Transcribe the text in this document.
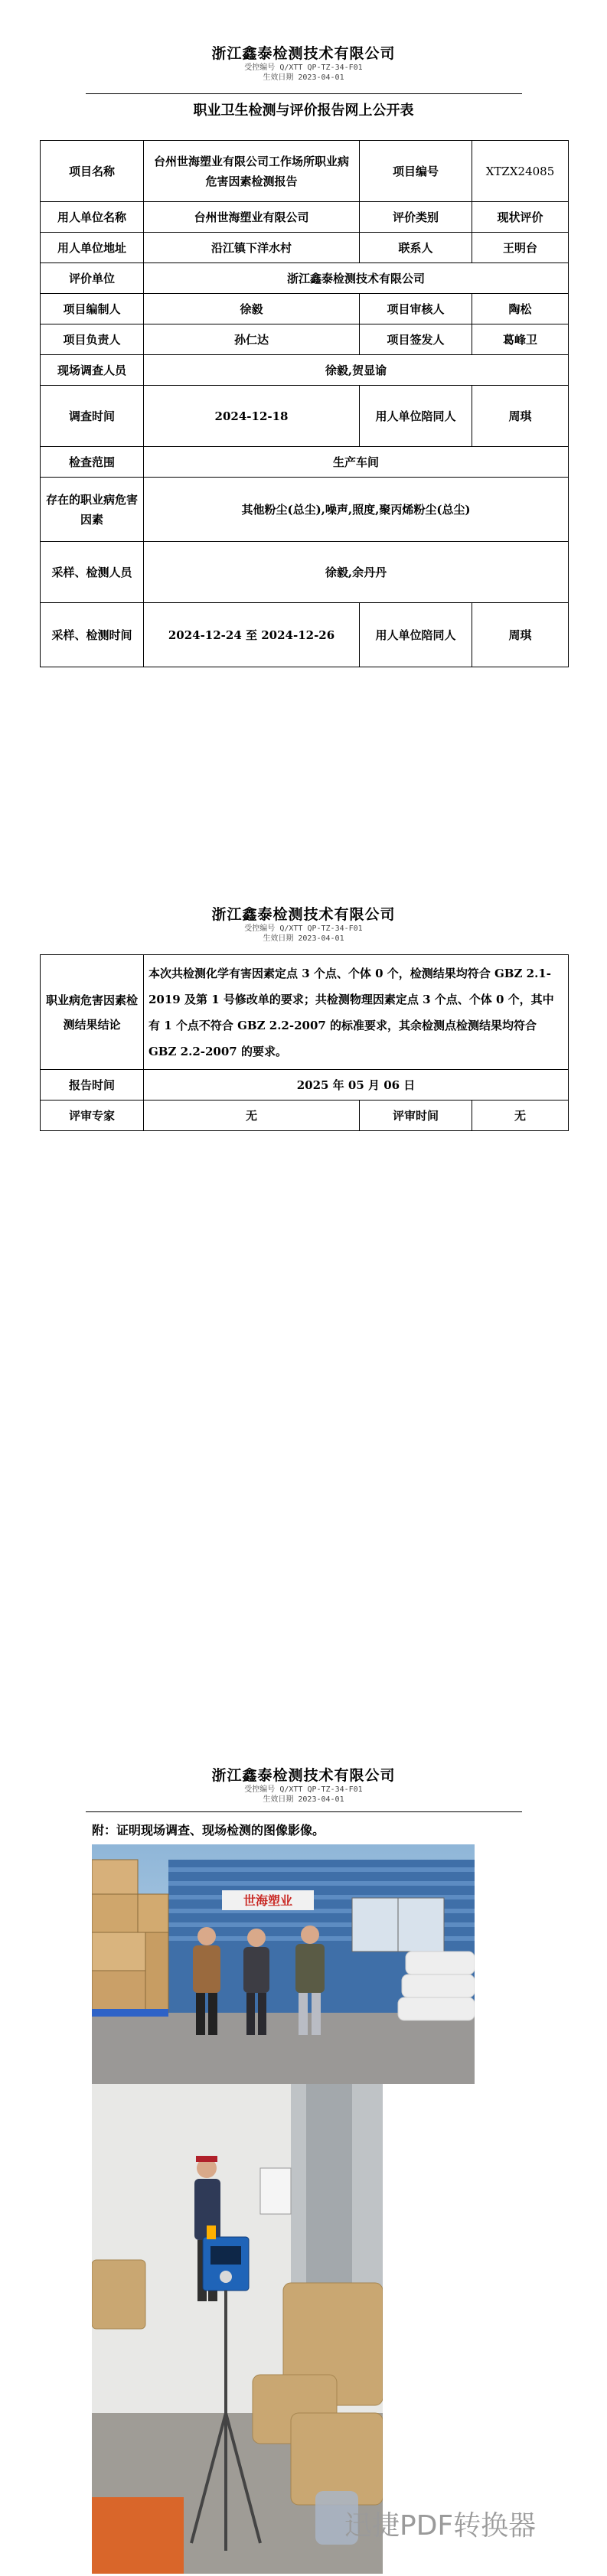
浙江鑫泰检测技术有限公司
受控编号 Q/XTT QP-TZ-34-F01
生效日期 2023-04-01
职业卫生检测与评价报告网上公开表
项目名称	台州世海塑业有限公司工作场所职业病危害因素检测报告	项目编号	XTZX24085
用人单位名称	台州世海塑业有限公司	评价类别	现状评价
用人单位地址	沿江镇下洋水村	联系人	王明台
评价单位	浙江鑫泰检测技术有限公司		
项目编制人	徐毅	项目审核人	陶松
项目负责人	孙仁达	项目签发人	葛峰卫
现场调查人员	徐毅,贺显谕		
调查时间	2024-12-18	用人单位陪同人	周琪
检查范围	生产车间		
存在的职业病危害因素	其他粉尘(总尘),噪声,照度,聚丙烯粉尘(总尘)		
采样、检测人员	徐毅,余丹丹		
采样、检测时间	2024-12-24 至 2024-12-26	用人单位陪同人	周琪
浙江鑫泰检测技术有限公司
受控编号 Q/XTT QP-TZ-34-F01
生效日期 2023-04-01
职业病危害因素检测结果结论	本次共检测化学有害因素定点 3 个点、个体 0 个，检测结果均符合 GBZ 2.1-2019 及第 1 号修改单的要求；共检测物理因素定点 3 个点、个体 0 个，其中有 1 个点不符合 GBZ 2.2-2007 的标准要求，其余检测点检测结果均符合 GBZ 2.2-2007 的要求。		
报告时间	2025 年 05 月 06 日		
评审专家	无	评审时间	无
浙江鑫泰检测技术有限公司
受控编号 Q/XTT QP-TZ-34-F01
生效日期 2023-04-01
附：证明现场调查、现场检测的图像影像。
世海塑业
迅捷PDF转换器
